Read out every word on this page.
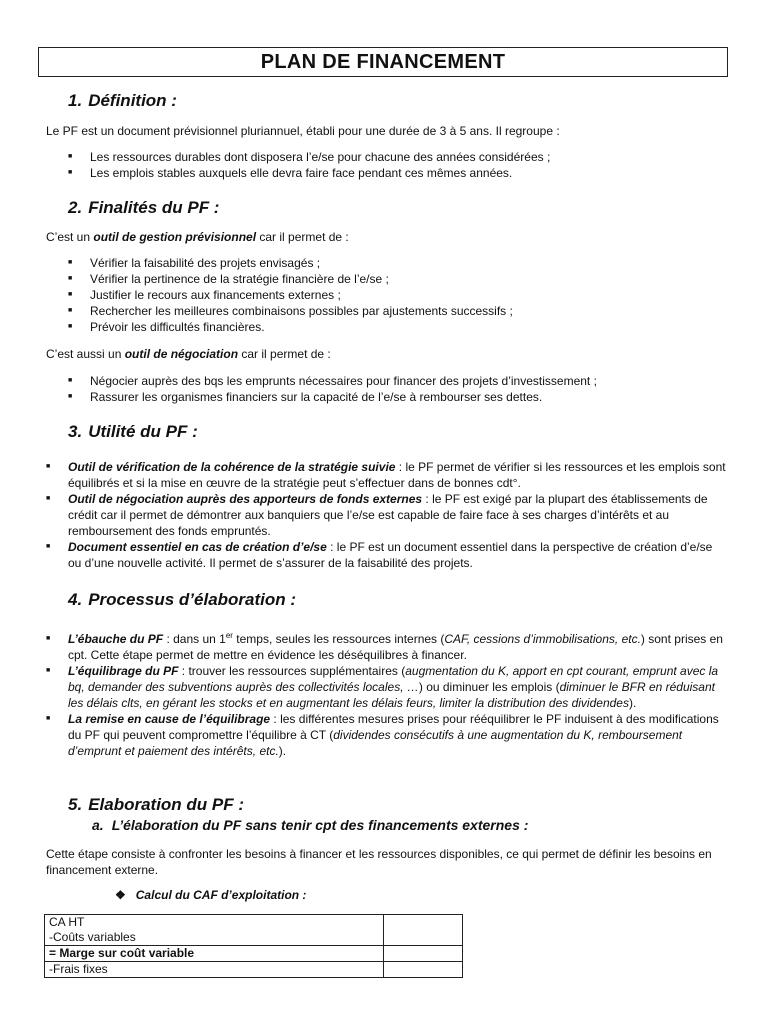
PLAN DE FINANCEMENT
1. Définition :
Le PF est un document prévisionnel pluriannuel, établi pour une durée de 3 à 5 ans. Il regroupe :
■ Les ressources durables dont disposera l’e/se pour chacune des années considérées ;
■ Les emplois stables auxquels elle devra faire face pendant ces mêmes années.
2. Finalités du PF :
C’est un outil de gestion prévisionnel car il permet de :
■ Vérifier la faisabilité des projets envisagés ;
■ Vérifier la pertinence de la stratégie financière de l’e/se ;
■ Justifier le recours aux financements externes ;
■ Rechercher les meilleures combinaisons possibles par ajustements successifs ;
■ Prévoir les difficultés financières.
C’est aussi un outil de négociation car il permet de :
■ Négocier auprès des bqs les emprunts nécessaires pour financer des projets d’investissement ;
■ Rassurer les organismes financiers sur la capacité de l’e/se à rembourser ses dettes.
3. Utilité du PF :
■ Outil de vérification de la cohérence de la stratégie suivie : le PF permet de vérifier si les ressources et les emplois sont équilibrés et si la mise en œuvre de la stratégie peut s’effectuer dans de bonnes cdt°.
■ Outil de négociation auprès des apporteurs de fonds externes : le PF est exigé par la plupart des établissements de crédit car il permet de démontrer aux banquiers que l’e/se est capable de faire face à ses charges d’intérêts et au remboursement des fonds empruntés.
■ Document essentiel en cas de création d’e/se : le PF est un document essentiel dans la perspective de création d’e/se ou d’une nouvelle activité. Il permet de s’assurer de la faisabilité des projets.
4. Processus d’élaboration :
■ L’ébauche du PF : dans un 1er temps, seules les ressources internes (CAF, cessions d’immobilisations, etc.) sont prises en cpt. Cette étape permet de mettre en évidence les déséquilibres à financer.
■ L’équilibrage du PF : trouver les ressources supplémentaires (augmentation du K, apport en cpt courant, emprunt avec la bq, demander des subventions auprès des collectivités locales, …) ou diminuer les emplois (diminuer le BFR en réduisant les délais clts, en gérant les stocks et en augmentant les délais feurs, limiter la distribution des dividendes).
■ La remise en cause de l’équilibrage : les différentes mesures prises pour rééquilibrer le PF induisent à des modifications du PF qui peuvent compromettre l’équilibre à CT (dividendes consécutifs à une augmentation du K, remboursement d’emprunt et paiement des intérêts, etc.).
5. Elaboration du PF :
a. L’élaboration du PF sans tenir cpt des financements externes :
Cette étape consiste à confronter les besoins à financer et les ressources disponibles, ce qui permet de définir les besoins en financement externe.
❖ Calcul du CAF d’exploitation :
CA HT
-Coûts variables	

= Marge sur coût variable	
-Frais fixes	
